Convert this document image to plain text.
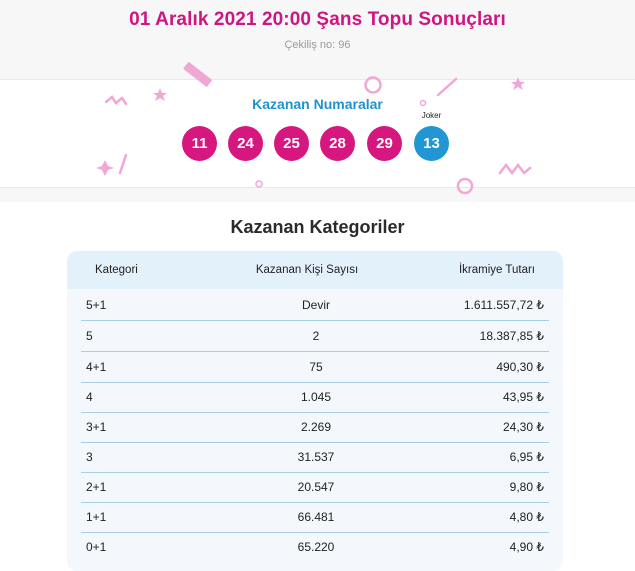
01 Aralık 2021 20:00 Şans Topu Sonuçları
Çekiliş no: 96
Kazanan Numaralar
Joker
11	24	25	28	29	13
Kazanan Kategoriler
Kategori	Kazanan Kişi Sayısı	İkramiye Tutarı
5+1	Devir	1.611.557,72 ₺
5	2	18.387,85 ₺
4+1	75	490,30 ₺
4	1.045	43,95 ₺
3+1	2.269	24,30 ₺
3	31.537	6,95 ₺
2+1	20.547	9,80 ₺
1+1	66.481	4,80 ₺
0+1	65.220	4,90 ₺
